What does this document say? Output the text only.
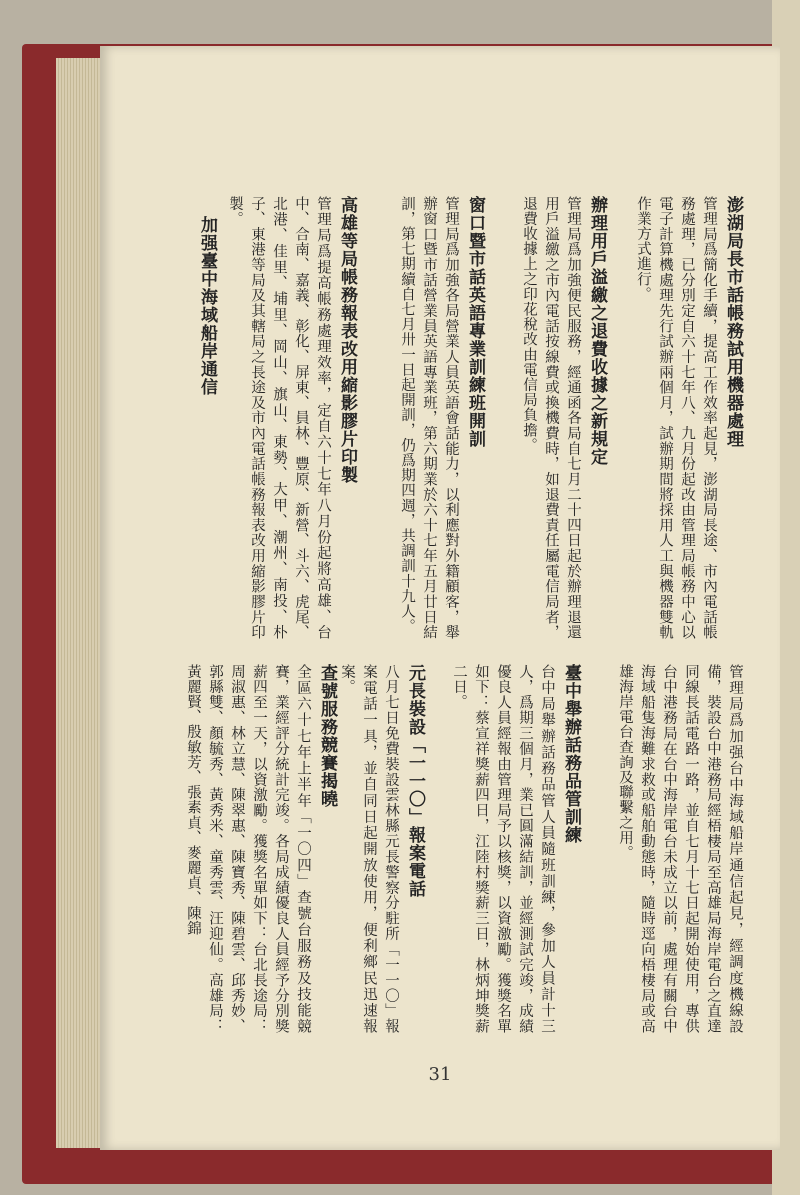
澎湖局長市話帳務試用機器處理

管理局爲簡化手續，提高工作效率起見，澎湖局長途、市內電話帳務處理，已分別定自六十七年八、九月份起改由管理局帳務中心以電子計算機處理先行試辦兩個月，試辦期間將採用人工與機器雙軌作業方式進行。

辦理用戶溢繳之退費收據之新規定

管理局爲加強便民服務，經通函各局自七月二十四日起於辦理退還用戶溢繳之市內電話按線費或換機費時，如退費責任屬電信局者，退費收據上之印花稅改由電信局負擔。

窗口暨市話英語專業訓練班開訓

管理局爲加強各局營業人員英語會話能力，以利應對外籍顧客，舉辦窗口暨市話營業員英語專業班，第六期業於六十七年五月廿日結訓，第七期續自七月卅一日起開訓，仍爲期四週，共調訓十九人。

高雄等局帳務報表改用縮影膠片印製

管理局爲提高帳務處理效率，定自六十七年八月份起將高雄、台中、合南、嘉義、彰化、屏東、員林、豐原、新營、斗六、虎尾、北港、佳里、埔里、岡山、旗山、東勢、大甲、潮州、南投、朴子、東港等局及其轄局之長途及市內電話帳務報表改用縮影膠片印製。

加强臺中海域船岸通信

管理局爲加强台中海域船岸通信起見，經調度機線設備，裝設台中港務局經梧棲局至高雄局海岸電台之直達同線長話電路一路，並自七月十七日起開始使用，專供台中港務局在台中海岸電台未成立以前，處理有關台中海域船隻海難求救或船舶動態時，隨時逕向梧棲局或高雄海岸電台查詢及聯繫之用。

臺中舉辦話務品管訓練

台中局舉辦話務品管人員隨班訓練，參加人員計十三人，爲期三個月，業已圓滿結訓，並經測試完竣，成績優良人員經報由管理局予以核獎，以資激勵。獲獎名單如下：蔡宣祥獎薪四日，江陸村獎薪三日，林炳坤獎薪二日。

元長裝設「一一〇」報案電話

八月七日免費裝設雲林縣元長警察分駐所「一一〇」報案電話一具，並自同日起開放使用，便利鄉民迅速報案。

查號服務競賽揭曉

全區六十七年上半年「一〇四」查號台服務及技能競賽，業經評分統計完竣。各局成績優良人員經予分別獎薪四至一天，以資激勵。獲獎名單如下：台北長途局：周淑惠、林立慧、陳翠惠、陳寶秀、陳碧雲、邱秀妙、郭縣雙、顏毓秀、黃秀米、童秀雲、汪迎仙。高雄局：黃麗賢、殷敏芳、張素貞、麥麗貞、陳錦

31
